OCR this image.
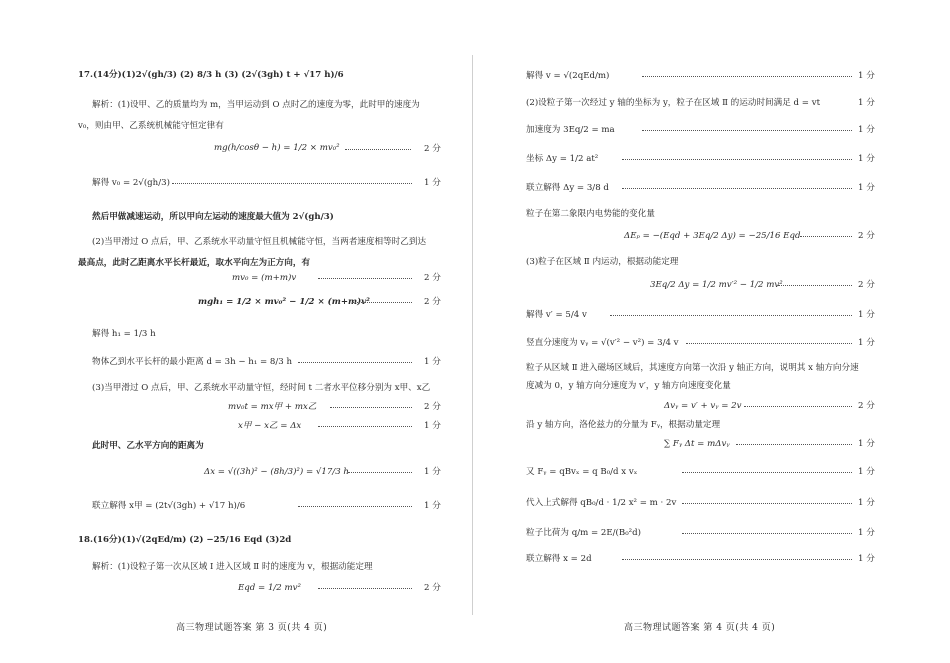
17.(14分)(1)2√(gh/3) (2) 8/3 h (3) (2√(3gh) t + √17 h)/6
解析：(1)设甲、乙的质量均为 m，当甲运动到 O 点时乙的速度为零，此时甲的速度为
v₀，则由甲、乙系统机械能守恒定律有
mg(h/cosθ − h) = 1/2 × mv₀²	2 分
解得 v₀ = 2√(gh/3)	1 分
然后甲做减速运动，所以甲向左运动的速度最大值为 2√(gh/3)
(2)当甲滑过 O 点后，甲、乙系统水平动量守恒且机械能守恒，当两者速度相等时乙到达
最高点，此时乙距离水平长杆最近，取水平向左为正方向，有
mv₀ = (m+m)v	2 分
mgh₁ = 1/2 × mv₀² − 1/2 × (m+m)v²	2 分
解得 h₁ = 1/3 h
物体乙到水平长杆的最小距离 d = 3h − h₁ = 8/3 h	1 分
(3)当甲滑过 O 点后，甲、乙系统水平动量守恒，经时间 t 二者水平位移分别为 x甲、x乙
mv₀t = mx甲 + mx乙	2 分
x甲 − x乙 = Δx	1 分
此时甲、乙水平方向的距离为
Δx = √((3h)² − (8h/3)²) = √17/3 h	1 分
联立解得 x甲 = (2t√(3gh) + √17 h)/6	1 分
18.(16分)(1)√(2qEd/m) (2) −25/16 Eqd (3)2d
解析：(1)设粒子第一次从区域 Ⅰ 进入区域 Ⅱ 时的速度为 v，根据动能定理
Eqd = 1/2 mv²	2 分
高三物理试题答案 第 3 页(共 4 页)
解得 v = √(2qEd/m)	1 分
(2)设粒子第一次经过 y 轴的坐标为 y，粒子在区域 Ⅱ 的运动时间满足 d = vt	1 分
加速度为 3Eq/2 = ma	1 分
坐标 Δy = 1/2 at²	1 分
联立解得 Δy = 3/8 d	1 分
粒子在第二象限内电势能的变化量
ΔEₚ = −(Eqd + 3Eq/2 Δy) = −25/16 Eqd	2 分
(3)粒子在区域 Ⅱ 内运动，根据动能定理
3Eq/2 Δy = 1/2 mv′² − 1/2 mv²	2 分
解得 v′ = 5/4 v	1 分
竖直分速度为 vᵧ = √(v′² − v²) = 3/4 v	1 分
粒子从区域 Ⅱ 进入磁场区域后，其速度方向第一次沿 y 轴正方向，说明其 x 轴方向分速
度减为 0，y 轴方向分速度为 v′，y 轴方向速度变化量
Δvᵧ = v′ + vᵧ = 2v	2 分
沿 y 轴方向，洛伦兹力的分量为 Fᵧ，根据动量定理
∑ Fᵧ Δt = mΔvᵧ	1 分
又 Fᵧ = qBvₓ = q B₀/d x vₓ	1 分
代入上式解得 qB₀/d · 1/2 x² = m · 2v	1 分
粒子比荷为 q/m = 2E/(B₀²d)	1 分
联立解得 x = 2d	1 分
高三物理试题答案 第 4 页(共 4 页)
